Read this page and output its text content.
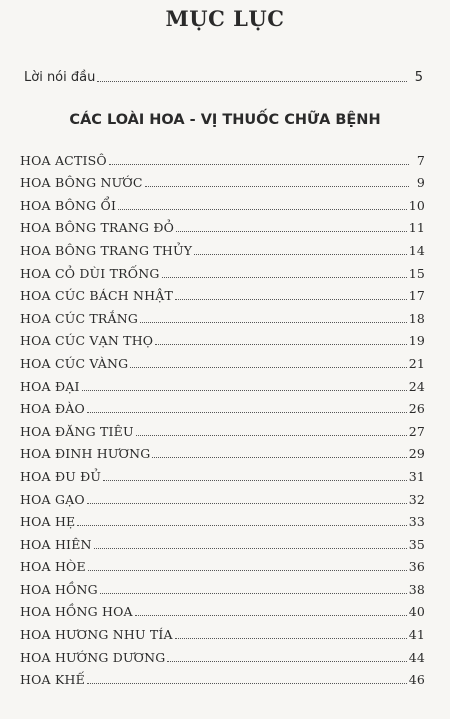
MỤC LỤC
Lời nói đầu	5
CÁC LOÀI HOA - VỊ THUỐC CHỮA BỆNH
HOA ACTISÔ	7
HOA BÔNG NƯỚC	9
HOA BÔNG ỔI	10
HOA BÔNG TRANG ĐỎ	11
HOA BÔNG TRANG THỦY	14
HOA CỎ DÙI TRỐNG	15
HOA CÚC BÁCH NHẬT	17
HOA CÚC TRẮNG	18
HOA CÚC VẠN THỌ	19
HOA CÚC VÀNG	21
HOA ĐẠI	24
HOA ĐÀO	26
HOA ĐĂNG TIÊU	27
HOA ĐINH HƯƠNG	29
HOA ĐU ĐỦ	31
HOA GẠO	32
HOA HẸ	33
HOA HIÊN	35
HOA HÒE	36
HOA HỒNG	38
HOA HỒNG HOA	40
HOA HƯƠNG NHU TÍA	41
HOA HƯỚNG DƯƠNG	44
HOA KHẾ	46
